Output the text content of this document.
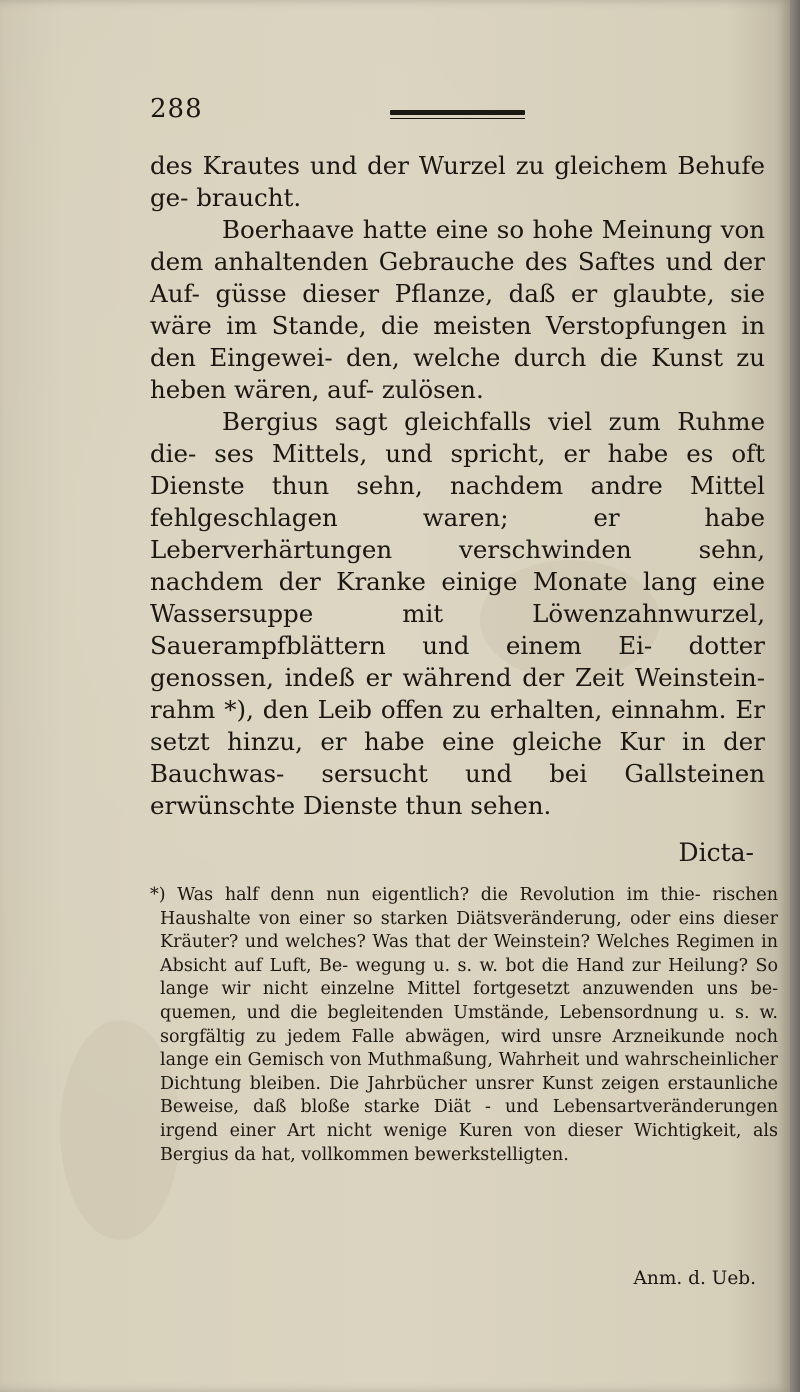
288

des Krautes und der Wurzel zu gleichem Behufe ge- braucht.

Boerhaave hatte eine so hohe Meinung von dem anhaltenden Gebrauche des Saftes und der Auf- güsse dieser Pflanze, daß er glaubte, sie wäre im Stande, die meisten Verstopfungen in den Eingewei- den, welche durch die Kunst zu heben wären, auf- zulösen.

Bergius sagt gleichfalls viel zum Ruhme die- ses Mittels, und spricht, er habe es oft Dienste thun sehn, nachdem andre Mittel fehlgeschlagen waren; er habe Leberverhärtungen verschwinden sehn, nachdem der Kranke einige Monate lang eine Wassersuppe mit Löwenzahnwurzel, Sauerampfblättern und einem Ei- dotter genossen, indeß er während der Zeit Weinstein- rahm *), den Leib offen zu erhalten, einnahm. Er setzt hinzu, er habe eine gleiche Kur in der Bauchwas- sersucht und bei Gallsteinen erwünschte Dienste thun sehen.

Dicta-

*) Was half denn nun eigentlich? die Revolution im thie- rischen Haushalte von einer so starken Diätsveränderung, oder eins dieser Kräuter? und welches? Was that der Weinstein? Welches Regimen in Absicht auf Luft, Be- wegung u. s. w. bot die Hand zur Heilung? So lange wir nicht einzelne Mittel fortgesetzt anzuwenden uns be- quemen, und die begleitenden Umstände, Lebensordnung u. s. w. sorgfältig zu jedem Falle abwägen, wird unsre Arzneikunde noch lange ein Gemisch von Muthmaßung, Wahrheit und wahrscheinlicher Dichtung bleiben. Die Jahrbücher unsrer Kunst zeigen erstaunliche Beweise, daß bloße starke Diät - und Lebensartveränderungen irgend einer Art nicht wenige Kuren von dieser Wichtigkeit, als Bergius da hat, vollkommen bewerkstelligten.

Anm. d. Ueb.
